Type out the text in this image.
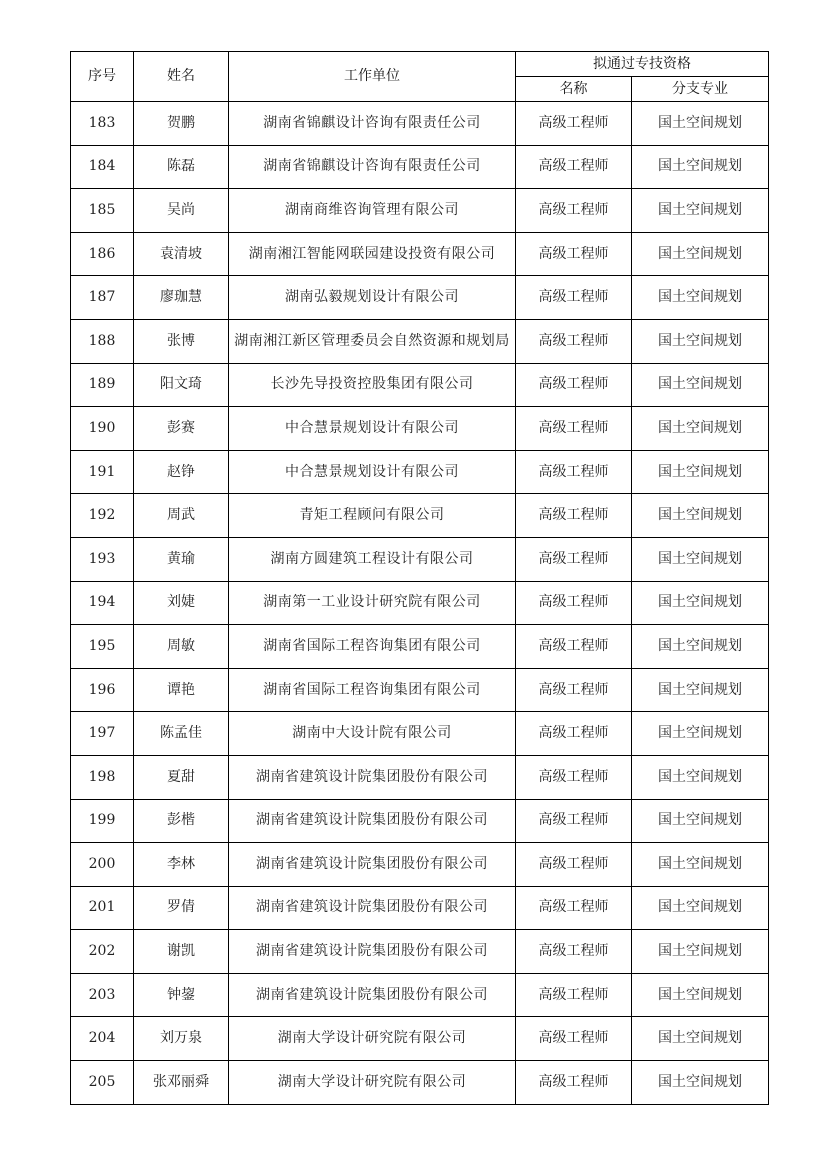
序号	姓名	工作单位	拟通过专技资格	
			名称	分支专业
183	贺鹏	湖南省锦麒设计咨询有限责任公司	高级工程师	国土空间规划
184	陈磊	湖南省锦麒设计咨询有限责任公司	高级工程师	国土空间规划
185	吴尚	湖南商维咨询管理有限公司	高级工程师	国土空间规划
186	袁清坡	湖南湘江智能网联园建设投资有限公司	高级工程师	国土空间规划
187	廖珈慧	湖南弘毅规划设计有限公司	高级工程师	国土空间规划
188	张博	湖南湘江新区管理委员会自然资源和规划局	高级工程师	国土空间规划
189	阳文琦	长沙先导投资控股集团有限公司	高级工程师	国土空间规划
190	彭赛	中合慧景规划设计有限公司	高级工程师	国土空间规划
191	赵铮	中合慧景规划设计有限公司	高级工程师	国土空间规划
192	周武	青矩工程顾问有限公司	高级工程师	国土空间规划
193	黄瑜	湖南方圆建筑工程设计有限公司	高级工程师	国土空间规划
194	刘婕	湖南第一工业设计研究院有限公司	高级工程师	国土空间规划
195	周敏	湖南省国际工程咨询集团有限公司	高级工程师	国土空间规划
196	谭艳	湖南省国际工程咨询集团有限公司	高级工程师	国土空间规划
197	陈孟佳	湖南中大设计院有限公司	高级工程师	国土空间规划
198	夏甜	湖南省建筑设计院集团股份有限公司	高级工程师	国土空间规划
199	彭楷	湖南省建筑设计院集团股份有限公司	高级工程师	国土空间规划
200	李林	湖南省建筑设计院集团股份有限公司	高级工程师	国土空间规划
201	罗倩	湖南省建筑设计院集团股份有限公司	高级工程师	国土空间规划
202	谢凯	湖南省建筑设计院集团股份有限公司	高级工程师	国土空间规划
203	钟鋆	湖南省建筑设计院集团股份有限公司	高级工程师	国土空间规划
204	刘万泉	湖南大学设计研究院有限公司	高级工程师	国土空间规划
205	张邓丽舜	湖南大学设计研究院有限公司	高级工程师	国土空间规划
